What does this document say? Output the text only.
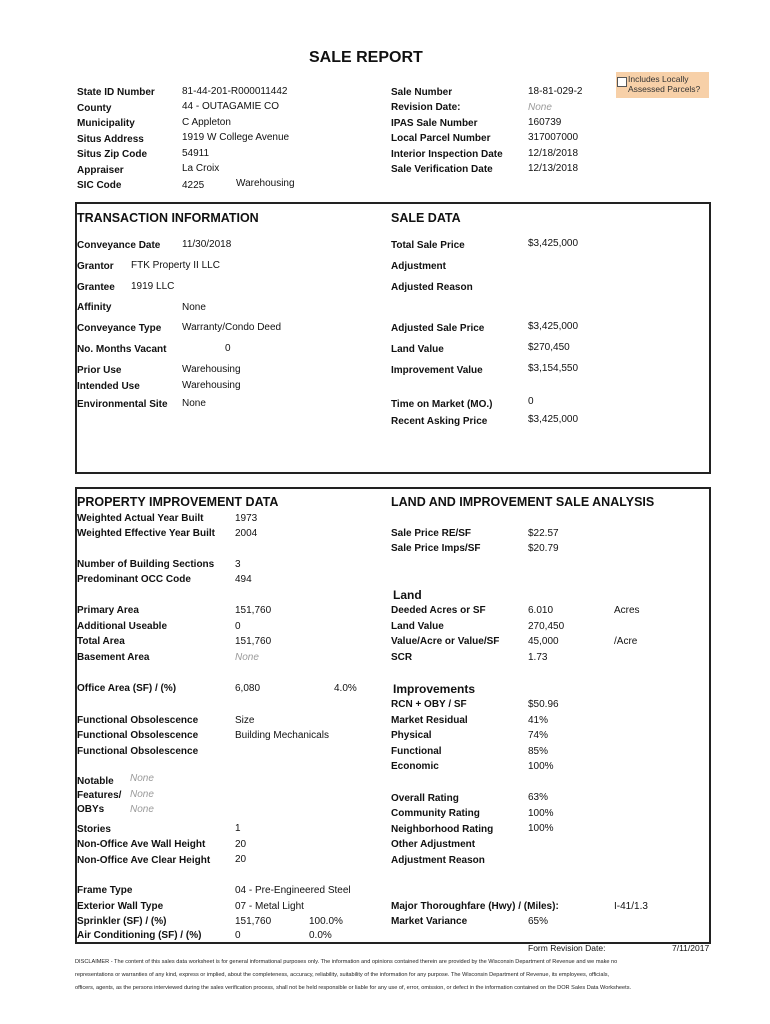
SALE REPORT
Includes Locally Assessed Parcels?
State ID Number	81-44-201-R000011442
County	44 - OUTAGAMIE CO
Municipality	C Appleton
Situs Address	1919 W College Avenue
Situs Zip Code	54911
Appraiser	La Croix
SIC Code	4225	Warehousing
Sale Number	18-81-029-2
Revision Date:	None
IPAS Sale Number	160739
Local Parcel Number	317007000
Interior Inspection Date	12/18/2018
Sale Verification Date	12/13/2018
TRANSACTION INFORMATION
Conveyance Date 11/30/2018
Grantor FTK Property II LLC
Grantee 1919 LLC
Affinity	None
Conveyance Type Warranty/Condo Deed
No. Months Vacant	0
Prior Use	Warehousing
Intended Use	Warehousing
Environmental Site None
SALE DATA
Total Sale Price	$3,425,000
Adjustment
Adjusted Reason
Adjusted Sale Price	$3,425,000
Land Value	$270,450
Improvement Value	$3,154,550
Time on Market (MO.)	0
Recent Asking Price	$3,425,000
PROPERTY IMPROVEMENT DATA
Weighted Actual Year Built	1973
Weighted Effective Year Built 2004
Number of Building Sections 3
Predominant OCC Code	494
Primary Area	151,760
Additional Useable	0
Total Area	151,760
Basement Area	None
Office Area (SF) / (%)	6,080	4.0%
Functional Obsolescence	Size
Functional Obsolescence	Building Mechanicals
Functional Obsolescence
Notable None
Features/ None
OBYs	None
Stories	1
Non-Office Ave Wall Height	20
Non-Office Ave Clear Height 20
Frame Type	04 - Pre-Engineered Steel
Exterior Wall Type	07 - Metal Light
Sprinkler (SF) / (%)	151,760	100.0%
Air Conditioning (SF) / (%)	0	0.0%
LAND AND IMPROVEMENT SALE ANALYSIS
Sale Price RE/SF	$22.57
Sale Price Imps/SF	$20.79
Land
Deeded Acres or SF	6.010	Acres
Land Value	270,450
Value/Acre or Value/SF	45,000	/Acre
SCR	1.73
Improvements
RCN + OBY / SF	$50.96
Market Residual	41%
Physical	74%
Functional	85%
Economic	100%
Overall Rating	63%
Community Rating	100%
Neighborhood Rating	100%
Other Adjustment
Adjustment Reason
Major Thoroughfare (Hwy) / (Miles):	I-41/1.3
Market Variance	65%
Form Revision Date:	7/11/2017
DISCLAIMER - The content of this sales data worksheet is for general informational purposes only. The information and opinions contained therein are provided by the Wisconsin Department of Revenue and we make no
representations or warranties of any kind, express or implied, about the completeness, accuracy, reliability, suitability of the information for any purpose. The Wisconsin Department of Revenue, its employees, officials,
officers, agents, as the persons interviewed during the sales verification process, shall not be held responsible or liable for any use of, error, omission, or defect in the information contained on the DOR Sales Data Worksheets.
